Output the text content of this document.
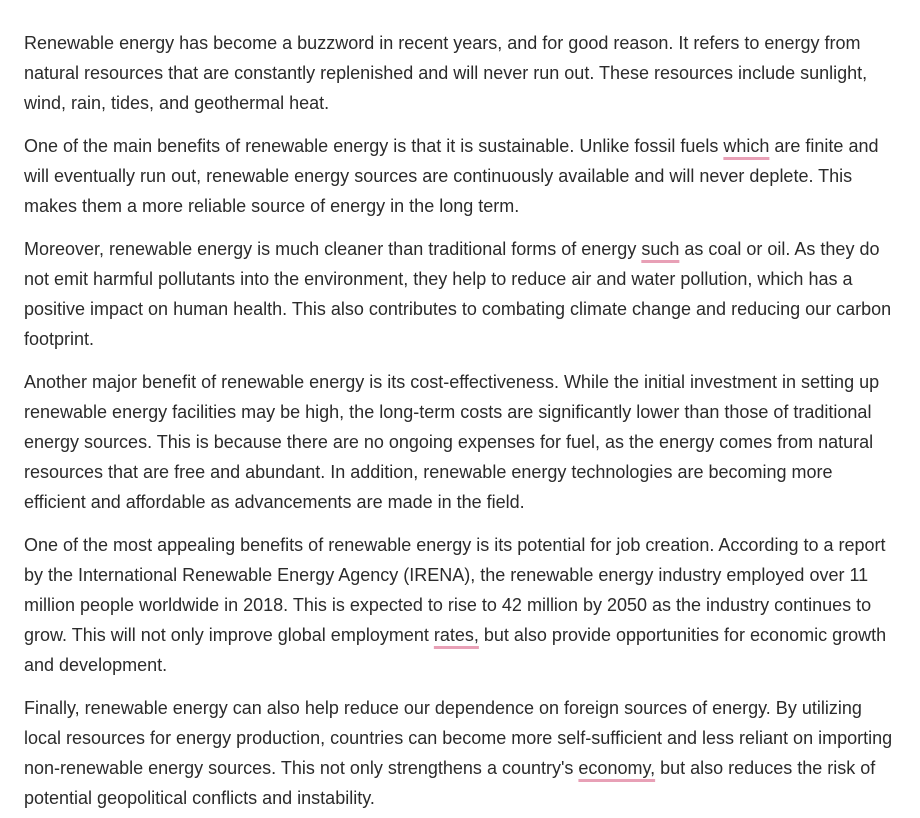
Renewable energy has become a buzzword in recent years, and for good reason. It refers to energy from natural resources that are constantly replenished and will never run out. These resources include sunlight, wind, rain, tides, and geothermal heat.

One of the main benefits of renewable energy is that it is sustainable. Unlike fossil fuels which are finite and will eventually run out, renewable energy sources are continuously available and will never deplete. This makes them a more reliable source of energy in the long term.

Moreover, renewable energy is much cleaner than traditional forms of energy such as coal or oil. As they do not emit harmful pollutants into the environment, they help to reduce air and water pollution, which has a positive impact on human health. This also contributes to combating climate change and reducing our carbon footprint.

Another major benefit of renewable energy is its cost-effectiveness. While the initial investment in setting up renewable energy facilities may be high, the long-term costs are significantly lower than those of traditional energy sources. This is because there are no ongoing expenses for fuel, as the energy comes from natural resources that are free and abundant. In addition, renewable energy technologies are becoming more efficient and affordable as advancements are made in the field.

One of the most appealing benefits of renewable energy is its potential for job creation. According to a report by the International Renewable Energy Agency (IRENA), the renewable energy industry employed over 11 million people worldwide in 2018. This is expected to rise to 42 million by 2050 as the industry continues to grow. This will not only improve global employment rates, but also provide opportunities for economic growth and development.

Finally, renewable energy can also help reduce our dependence on foreign sources of energy. By utilizing local resources for energy production, countries can become more self-sufficient and less reliant on importing non-renewable energy sources. This not only strengthens a country's economy, but also reduces the risk of potential geopolitical conflicts and instability.
